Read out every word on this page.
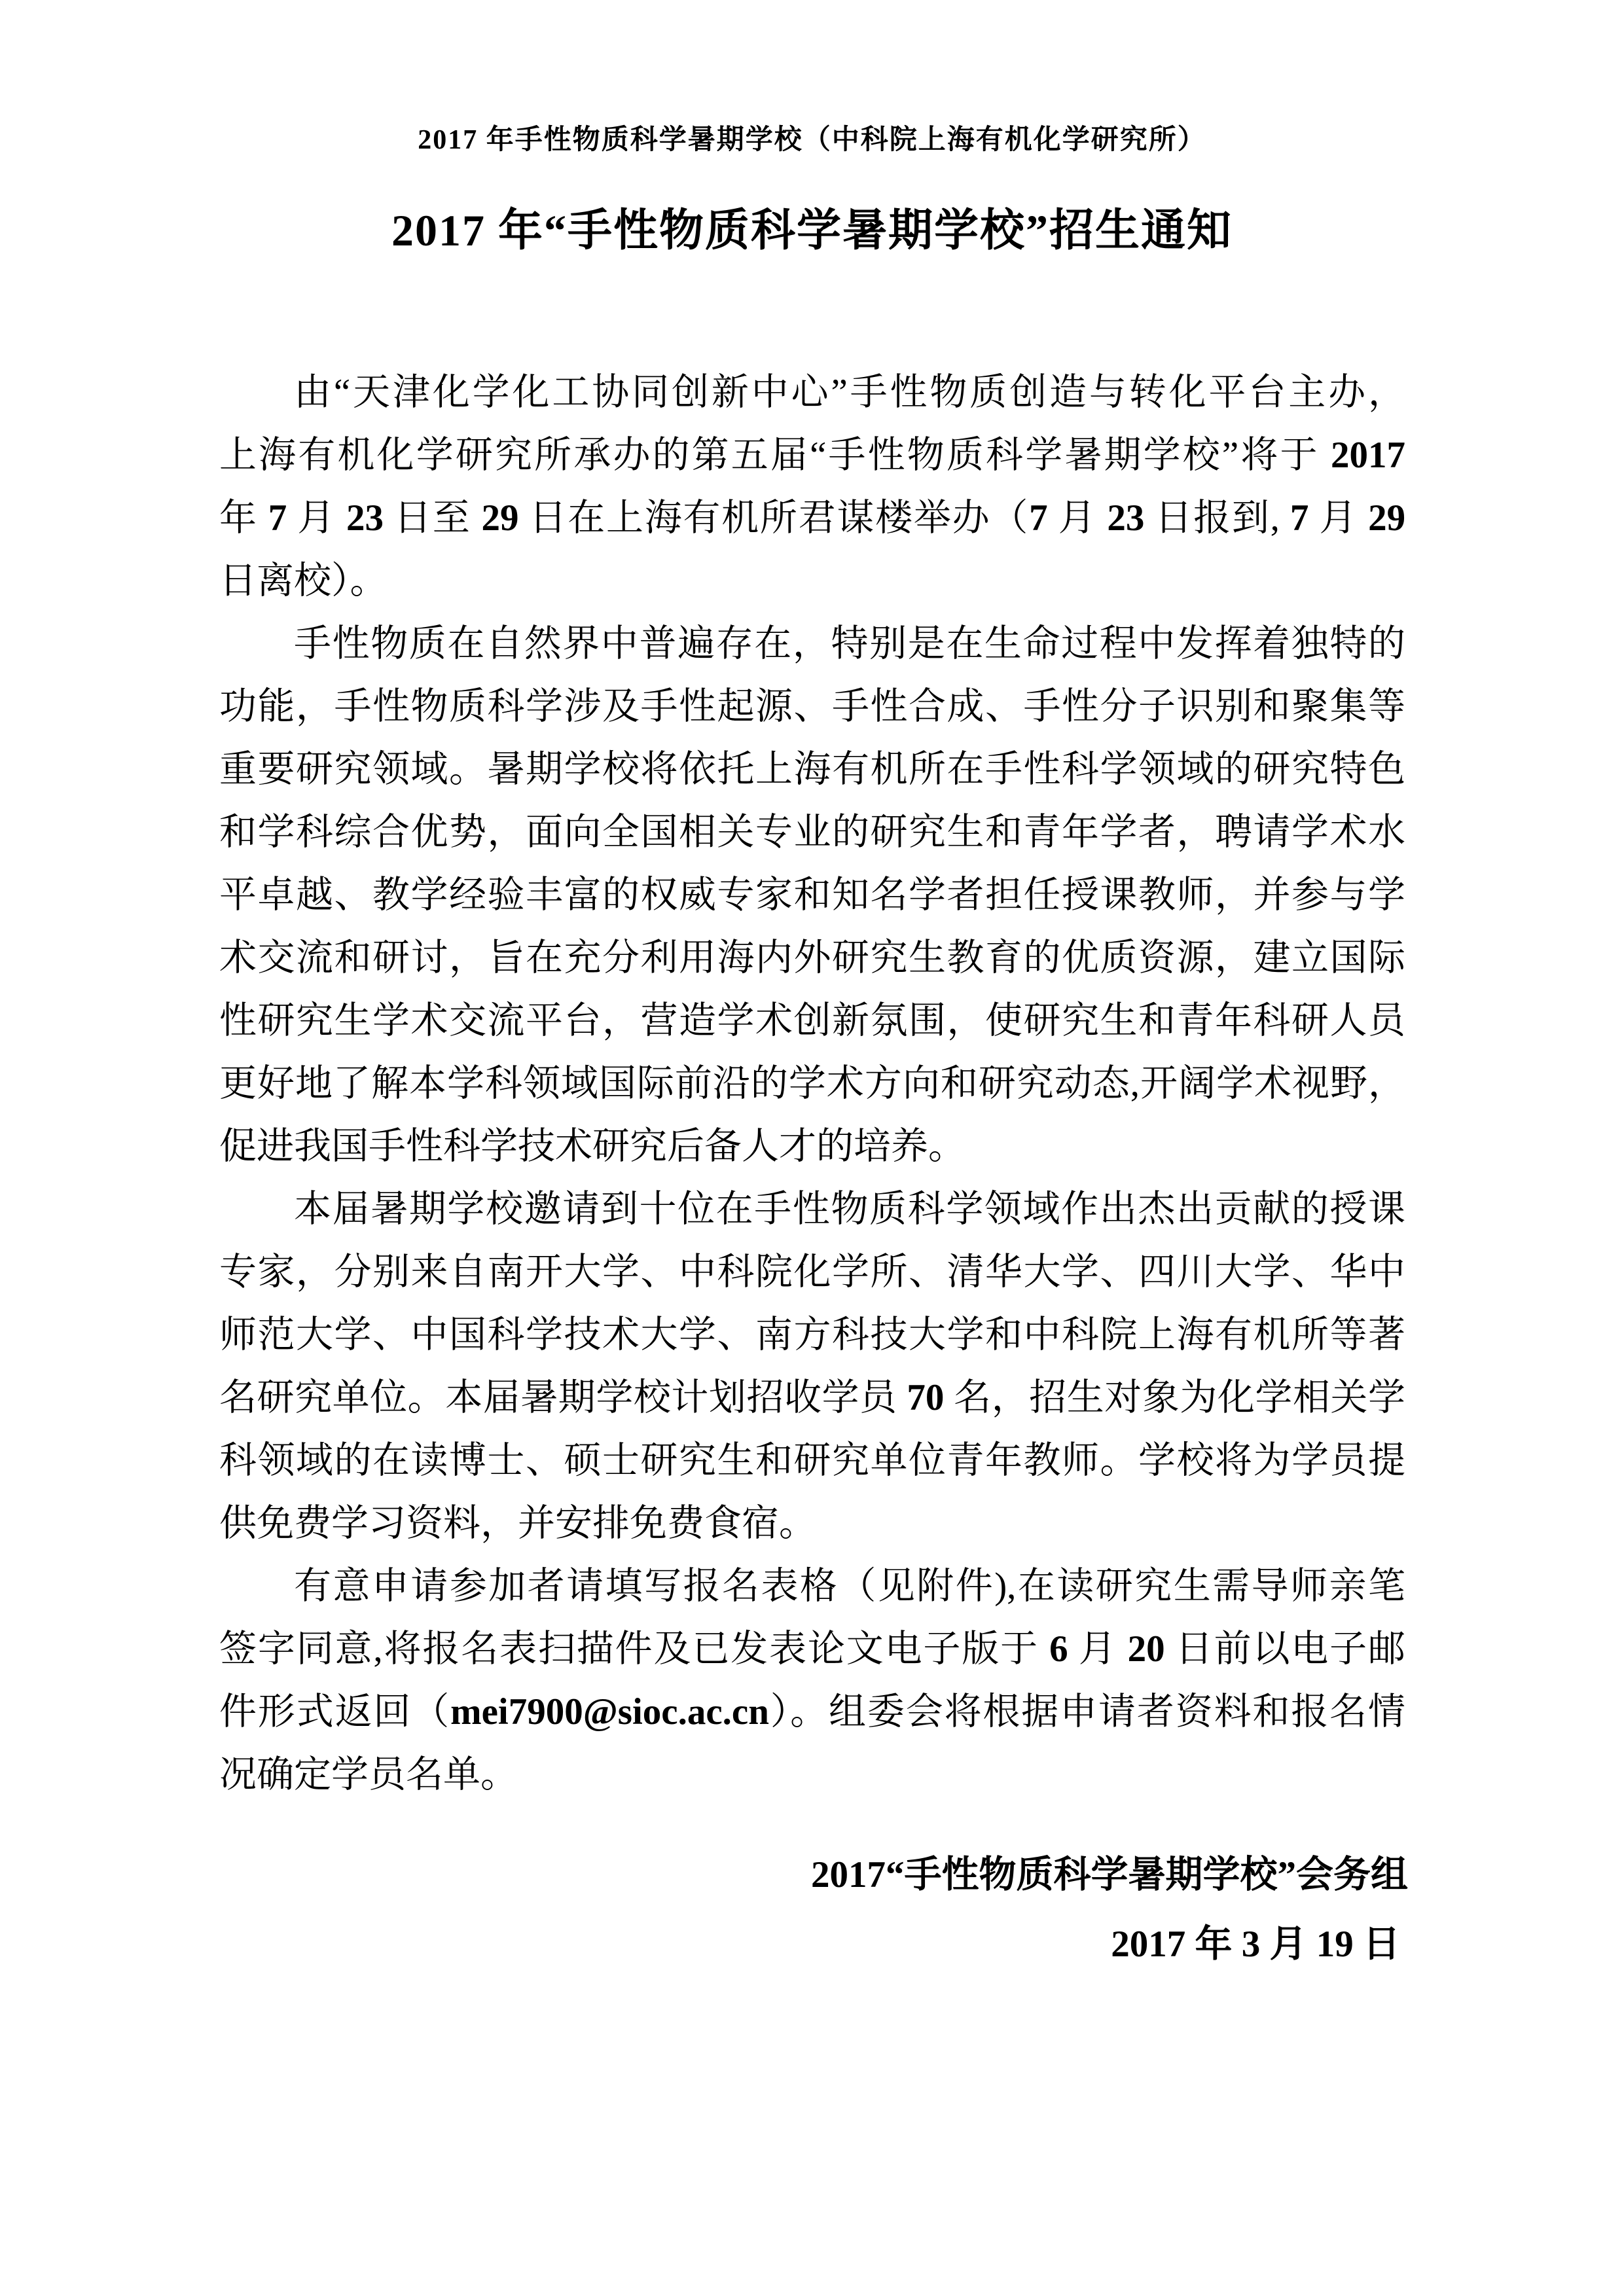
2017 年手性物质科学暑期学校（中科院上海有机化学研究所）
2017 年“手性物质科学暑期学校”招生通知
由“天津化学化工协同创新中心”手性物质创造与转化平台主办，
上海有机化学研究所承办的第五届“手性物质科学暑期学校”将于 2017
年 7 月 23 日至 29 日在上海有机所君谋楼举办（7 月 23 日报到, 7 月 29
日离校）。
手性物质在自然界中普遍存在，特别是在生命过程中发挥着独特的
功能，手性物质科学涉及手性起源、手性合成、手性分子识别和聚集等
重要研究领域。暑期学校将依托上海有机所在手性科学领域的研究特色
和学科综合优势，面向全国相关专业的研究生和青年学者，聘请学术水
平卓越、教学经验丰富的权威专家和知名学者担任授课教师，并参与学
术交流和研讨，旨在充分利用海内外研究生教育的优质资源，建立国际
性研究生学术交流平台，营造学术创新氛围，使研究生和青年科研人员
更好地了解本学科领域国际前沿的学术方向和研究动态,开阔学术视野，
促进我国手性科学技术研究后备人才的培养。
本届暑期学校邀请到十位在手性物质科学领域作出杰出贡献的授课
专家，分别来自南开大学、中科院化学所、清华大学、四川大学、华中
师范大学、中国科学技术大学、南方科技大学和中科院上海有机所等著
名研究单位。本届暑期学校计划招收学员 70 名，招生对象为化学相关学
科领域的在读博士、硕士研究生和研究单位青年教师。学校将为学员提
供免费学习资料，并安排免费食宿。
有意申请参加者请填写报名表格（见附件),在读研究生需导师亲笔
签字同意,将报名表扫描件及已发表论文电子版于 6 月 20 日前以电子邮
件形式返回（mei7900@sioc.ac.cn）。组委会将根据申请者资料和报名情
况确定学员名单。
2017“手性物质科学暑期学校”会务组
2017 年 3 月 19 日
